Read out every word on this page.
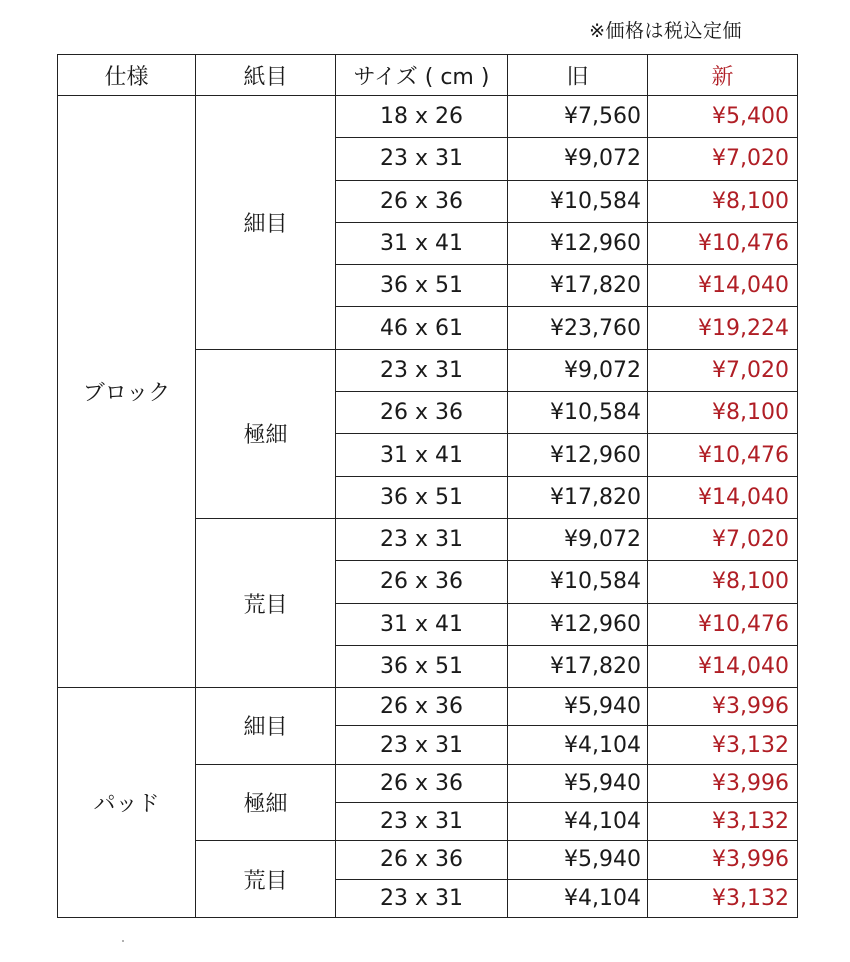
※価格は税込定価
仕様	紙目	サイズ ( cm )	旧	新
ブロック	細目	18 x 26	¥7,560	¥5,400
		23 x 31	¥9,072	¥7,020
		26 x 36	¥10,584	¥8,100
		31 x 41	¥12,960	¥10,476
		36 x 51	¥17,820	¥14,040
		46 x 61	¥23,760	¥19,224
	極細	23 x 31	¥9,072	¥7,020
		26 x 36	¥10,584	¥8,100
		31 x 41	¥12,960	¥10,476
		36 x 51	¥17,820	¥14,040
	荒目	23 x 31	¥9,072	¥7,020
		26 x 36	¥10,584	¥8,100
		31 x 41	¥12,960	¥10,476
		36 x 51	¥17,820	¥14,040
パッド	細目	26 x 36	¥5,940	¥3,996
		23 x 31	¥4,104	¥3,132
	極細	26 x 36	¥5,940	¥3,996
		23 x 31	¥4,104	¥3,132
	荒目	26 x 36	¥5,940	¥3,996
		23 x 31	¥4,104	¥3,132
